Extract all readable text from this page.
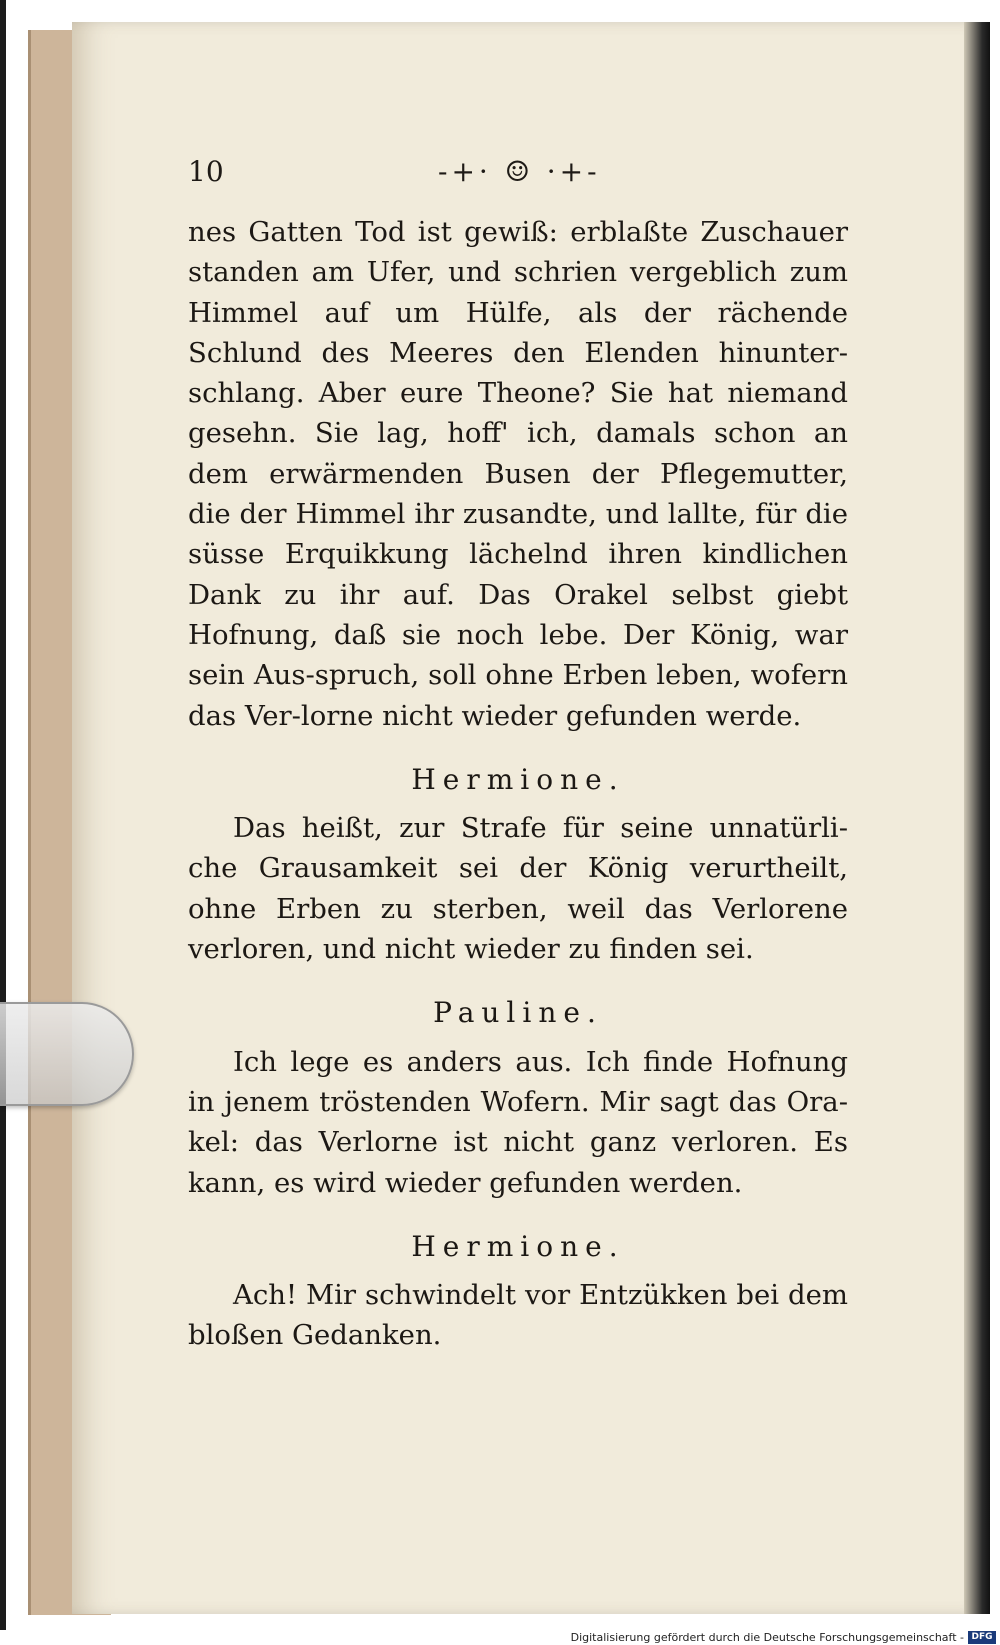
10	-+· ☺ ·+-

nes Gatten Tod ist gewiß: erblaßte Zuschauer standen am Ufer, und schrien vergeblich zum Himmel auf um Hülfe, als der rächende Schlund des Meeres den Elenden hinunter-schlang. Aber eure Theone? Sie hat niemand gesehn. Sie lag, hoff' ich, damals schon an dem erwärmenden Busen der Pflegemutter, die der Himmel ihr zusandte, und lallte, für die süsse Erquikkung lächelnd ihren kindlichen Dank zu ihr auf. Das Orakel selbst giebt Hofnung, daß sie noch lebe. Der König, war sein Aus-spruch, soll ohne Erben leben, wofern das Ver-lorne nicht wieder gefunden werde.

Hermione.

Das heißt, zur Strafe für seine unnatürli-che Grausamkeit sei der König verurtheilt, ohne Erben zu sterben, weil das Verlorene verloren, und nicht wieder zu finden sei.

Pauline.

Ich lege es anders aus. Ich finde Hofnung in jenem tröstenden Wofern. Mir sagt das Ora-kel: das Verlorne ist nicht ganz verloren. Es kann, es wird wieder gefunden werden.

Hermione.

Ach! Mir schwindelt vor Entzükken bei dem bloßen Gedanken.

Digitalisierung gefördert durch die Deutsche Forschungsgemeinschaft - DFG
